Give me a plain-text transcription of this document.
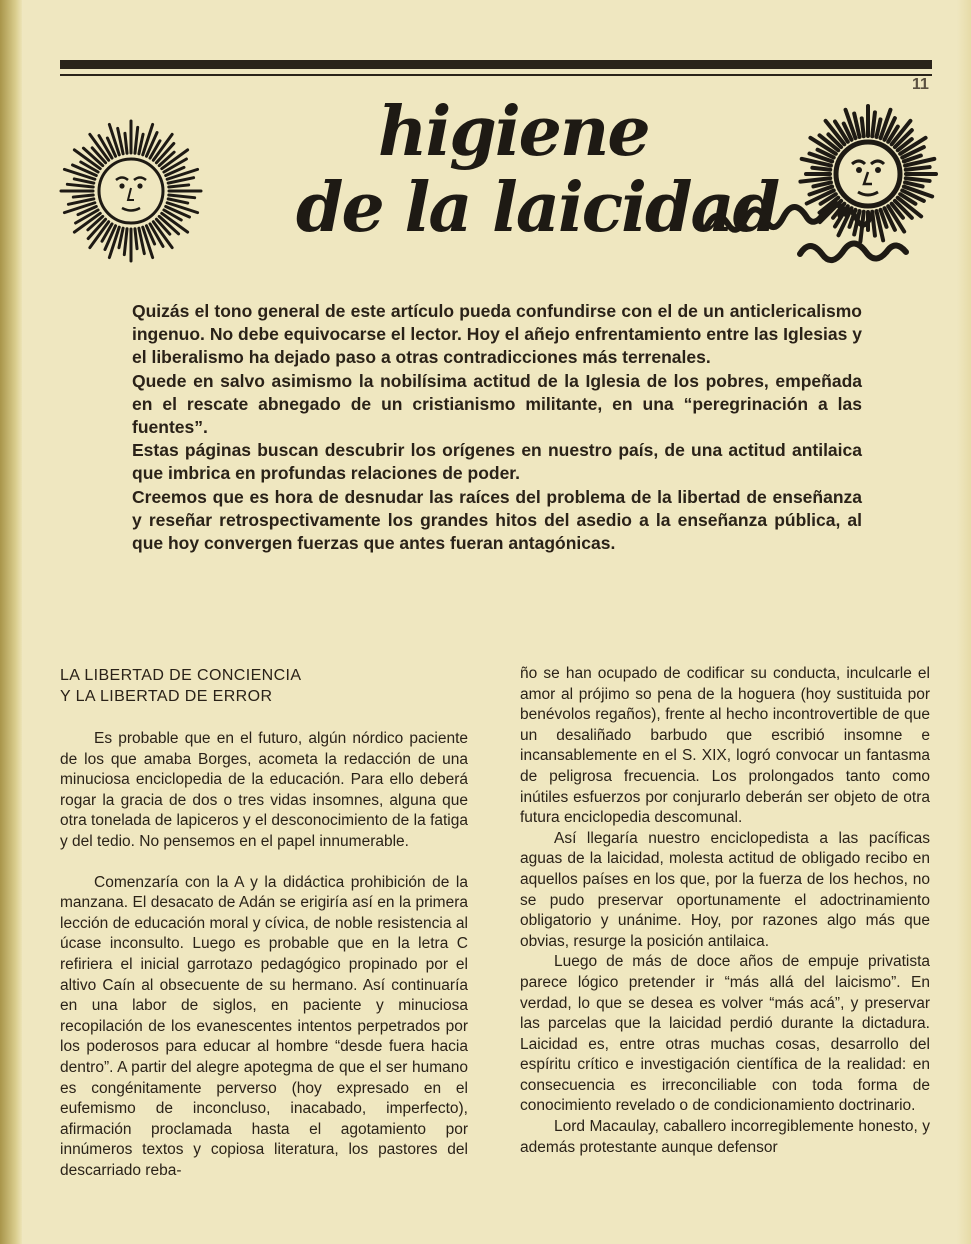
11
higiene
de la laicidad

Quizás el tono general de este artículo pueda confundirse con el de un anticlericalismo ingenuo. No debe equivocarse el lector. Hoy el añejo enfrentamiento entre las Iglesias y el liberalismo ha dejado paso a otras contradicciones más terrenales.

Quede en salvo asimismo la nobilísima actitud de la Iglesia de los pobres, empeñada en el rescate abnegado de un cristianismo militante, en una “peregrinación a las fuentes”.

Estas páginas buscan descubrir los orígenes en nuestro país, de una actitud antilaica que imbrica en profundas relaciones de poder.

Creemos que es hora de desnudar las raíces del problema de la libertad de enseñanza y reseñar retrospectivamente los grandes hitos del asedio a la enseñanza pública, al que hoy convergen fuerzas que antes fueran antagónicas.

LA LIBERTAD DE CONCIENCIA
Y LA LIBERTAD DE ERROR

Es probable que en el futuro, algún nórdico paciente de los que amaba Borges, acometa la redacción de una minuciosa enciclopedia de la educación. Para ello deberá rogar la gracia de dos o tres vidas insomnes, alguna que otra tonelada de lapiceros y el desconocimiento de la fatiga y del tedio. No pensemos en el papel innumerable.

Comenzaría con la A y la didáctica prohibición de la manzana. El desacato de Adán se erigiría así en la primera lección de educación moral y cívica, de noble resistencia al úcase inconsulto. Luego es probable que en la letra C refiriera el inicial garrotazo pedagógico propinado por el altivo Caín al obsecuente de su hermano. Así continuaría en una labor de siglos, en paciente y minuciosa recopilación de los evanescentes intentos perpetrados por los poderosos para educar al hombre “desde fuera hacia dentro”. A partir del alegre apotegma de que el ser humano es congénitamente perverso (hoy expresado en el eufemismo de inconcluso, inacabado, imperfecto), afirmación proclamada hasta el agotamiento por innúmeros textos y copiosa literatura, los pastores del descarriado reba-

ño se han ocupado de codificar su conducta, inculcarle el amor al prójimo so pena de la hoguera (hoy sustituida por benévolos regaños), frente al hecho incontrovertible de que un desaliñado barbudo que escribió insomne e incansablemente en el S. XIX, logró convocar un fantasma de peligrosa frecuencia. Los prolongados tanto como inútiles esfuerzos por conjurarlo deberán ser objeto de otra futura enciclopedia descomunal.

Así llegaría nuestro enciclopedista a las pacíficas aguas de la laicidad, molesta actitud de obligado recibo en aquellos países en los que, por la fuerza de los hechos, no se pudo preservar oportunamente el adoctrinamiento obligatorio y unánime. Hoy, por razones algo más que obvias, resurge la posición antilaica.

Luego de más de doce años de empuje privatista parece lógico pretender ir “más allá del laicismo”. En verdad, lo que se desea es volver “más acá”, y preservar las parcelas que la laicidad perdió durante la dictadura. Laicidad es, entre otras muchas cosas, desarrollo del espíritu crítico e investigación científica de la realidad: en consecuencia es irreconciliable con toda forma de conocimiento revelado o de condicionamiento doctrinario.

Lord Macaulay, caballero incorregiblemente honesto, y además protestante aunque defensor
